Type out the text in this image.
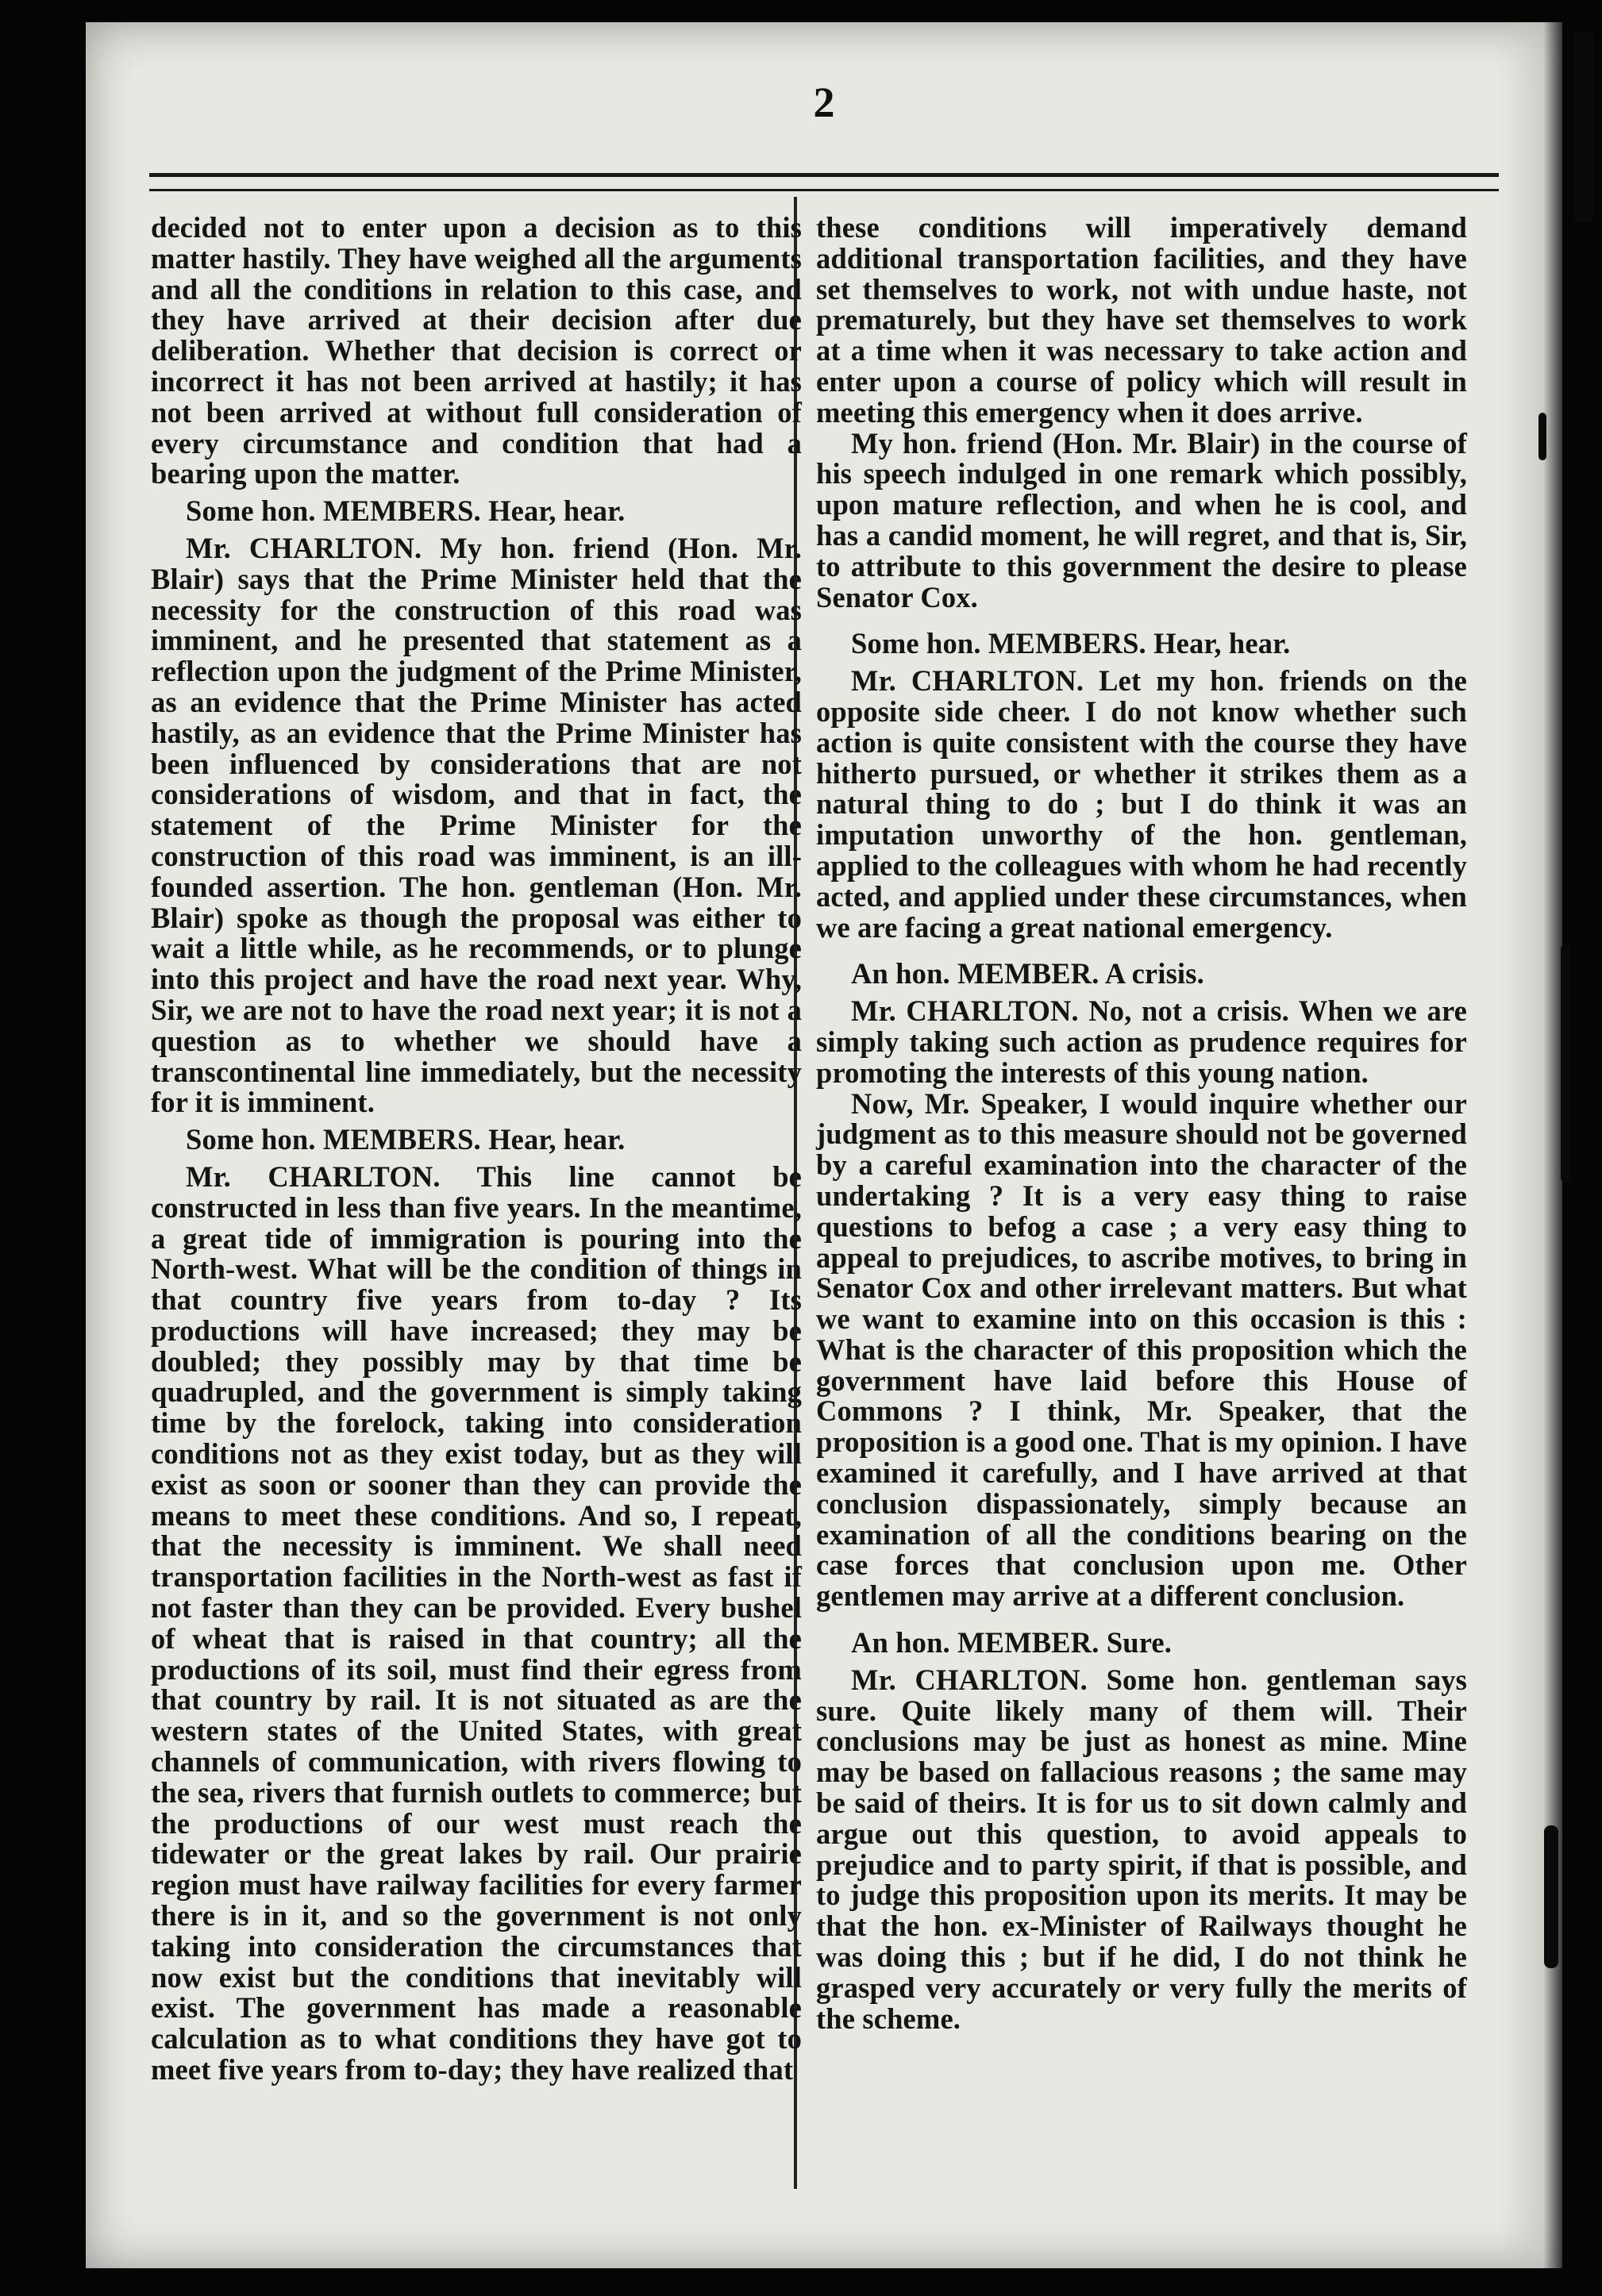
2

decided not to enter upon a decision as to this matter hastily. They have weighed all the arguments and all the conditions in relation to this case, and they have arrived at their decision after due deliberation. Whether that decision is correct or incorrect it has not been arrived at hastily; it has not been arrived at without full consideration of every circumstance and condition that had a bearing upon the matter.

Some hon. MEMBERS. Hear, hear.

Mr. CHARLTON. My hon. friend (Hon. Mr. Blair) says that the Prime Minister held that the necessity for the construction of this road was imminent, and he presented that statement as a reflection upon the judgment of the Prime Minister, as an evidence that the Prime Minister has acted hastily, as an evidence that the Prime Minister has been influenced by considerations that are not considerations of wisdom, and that in fact, the statement of the Prime Minister for the construction of this road was imminent, is an ill-founded assertion. The hon. gentleman (Hon. Mr. Blair) spoke as though the proposal was either to wait a little while, as he recommends, or to plunge into this project and have the road next year. Why, Sir, we are not to have the road next year; it is not a question as to whether we should have a transcontinental line immediately, but the necessity for it is imminent.

Some hon. MEMBERS. Hear, hear.

Mr. CHARLTON. This line cannot be constructed in less than five years. In the meantime, a great tide of immigration is pouring into the North-west. What will be the condition of things in that country five years from to-day ? Its productions will have increased; they may be doubled; they possibly may by that time be quadrupled, and the government is simply taking time by the forelock, taking into consideration conditions not as they exist today, but as they will exist as soon or sooner than they can provide the means to meet these conditions. And so, I repeat, that the necessity is imminent. We shall need transportation facilities in the North-west as fast if not faster than they can be provided. Every bushel of wheat that is raised in that country; all the productions of its soil, must find their egress from that country by rail. It is not situated as are the western states of the United States, with great channels of communication, with rivers flowing to the sea, rivers that furnish outlets to commerce; but the productions of our west must reach the tidewater or the great lakes by rail. Our prairie region must have railway facilities for every farmer there is in it, and so the government is not only taking into consideration the circumstances that now exist but the conditions that inevitably will exist. The government has made a reasonable calculation as to what conditions they have got to meet five years from to-day; they have realized that

these conditions will imperatively demand additional transportation facilities, and they have set themselves to work, not with undue haste, not prematurely, but they have set themselves to work at a time when it was necessary to take action and enter upon a course of policy which will result in meeting this emergency when it does arrive.

My hon. friend (Hon. Mr. Blair) in the course of his speech indulged in one remark which possibly, upon mature reflection, and when he is cool, and has a candid moment, he will regret, and that is, Sir, to attribute to this government the desire to please Senator Cox.

Some hon. MEMBERS. Hear, hear.

Mr. CHARLTON. Let my hon. friends on the opposite side cheer. I do not know whether such action is quite consistent with the course they have hitherto pursued, or whether it strikes them as a natural thing to do ; but I do think it was an imputation unworthy of the hon. gentleman, applied to the colleagues with whom he had recently acted, and applied under these circumstances, when we are facing a great national emergency.

An hon. MEMBER. A crisis.

Mr. CHARLTON. No, not a crisis. When we are simply taking such action as prudence requires for promoting the interests of this young nation.

Now, Mr. Speaker, I would inquire whether our judgment as to this measure should not be governed by a careful examination into the character of the undertaking ? It is a very easy thing to raise questions to befog a case ; a very easy thing to appeal to prejudices, to ascribe motives, to bring in Senator Cox and other irrelevant matters. But what we want to examine into on this occasion is this : What is the character of this proposition which the government have laid before this House of Commons ? I think, Mr. Speaker, that the proposition is a good one. That is my opinion. I have examined it carefully, and I have arrived at that conclusion dispassionately, simply because an examination of all the conditions bearing on the case forces that conclusion upon me. Other gentlemen may arrive at a different conclusion.

An hon. MEMBER. Sure.

Mr. CHARLTON. Some hon. gentleman says sure. Quite likely many of them will. Their conclusions may be just as honest as mine. Mine may be based on fallacious reasons ; the same may be said of theirs. It is for us to sit down calmly and argue out this question, to avoid appeals to prejudice and to party spirit, if that is possible, and to judge this proposition upon its merits. It may be that the hon. ex-Minister of Railways thought he was doing this ; but if he did, I do not think he grasped very accurately or very fully the merits of the scheme.
